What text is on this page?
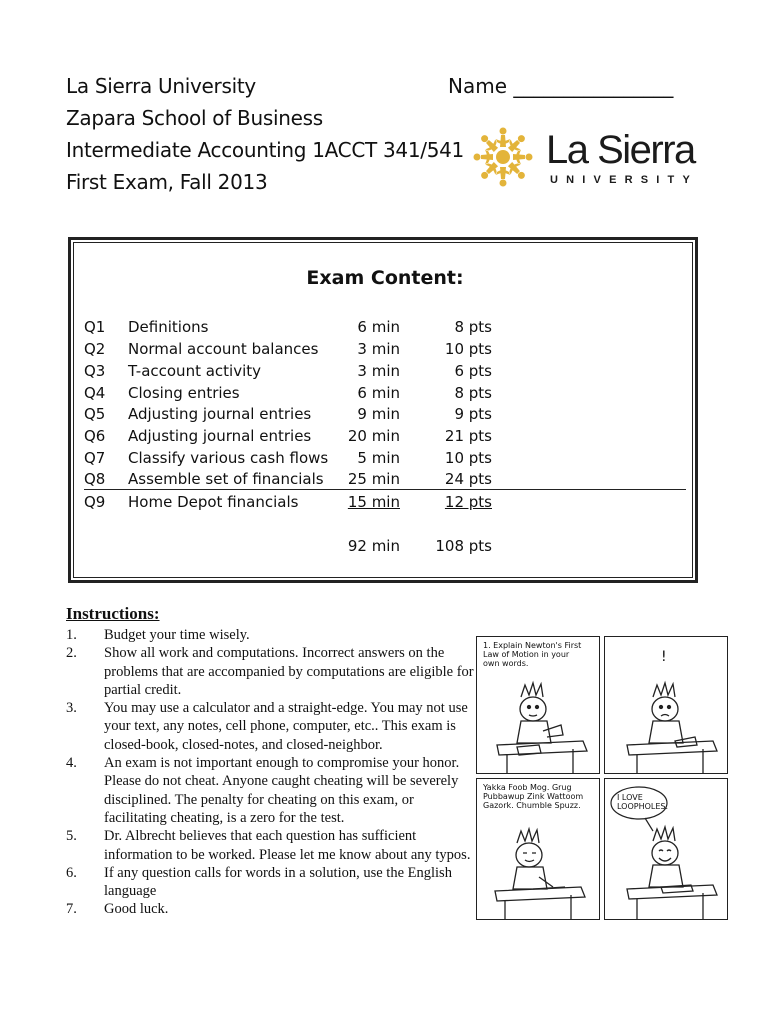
La Sierra University
Zapara School of Business
Intermediate Accounting 1ACCT 341/541
First Exam, Fall 2013
Name ________________
La Sierra
UNIVERSITY
Exam Content:
Q1 Definitions	6 min	8 pts
Q2 Normal account balances	3 min	10 pts
Q3 T-account activity	3 min	6 pts
Q4 Closing entries	6 min	8 pts
Q5 Adjusting journal entries	9 min	9 pts
Q6 Adjusting journal entries 20 min	21 pts
Q7 Classify various cash flows 5 min	10 pts
Q8 Assemble set of financials 25 min	24 pts
Q9 Home Depot financials	15 min	12 pts
92 min 108 pts
Instructions:
1. Budget your time wisely.
2. Show all work and computations. Incorrect answers on the problems that are accompanied by computations are eligible for partial credit.
3. You may use a calculator and a straight-edge. You may not use your text, any notes, cell phone, computer, etc.. This exam is closed-book, closed-notes, and closed-neighbor.
4. An exam is not important enough to compromise your honor. Please do not cheat. Anyone caught cheating will be severely disciplined. The penalty for cheating on this exam, or facilitating cheating, is a zero for the test.
5. Dr. Albrecht believes that each question has sufficient information to be worked. Please let me know about any typos.
6. If any question calls for words in a solution, use the English language
7. Good luck.
1. Explain Newton's First
Law of Motion in your
own words.	!
Yakka Foob Mog. Grug
Pubbawup Zink Wattoom
Gazork. Chumble Spuzz.
I LOVE
LOOPHOLES.
